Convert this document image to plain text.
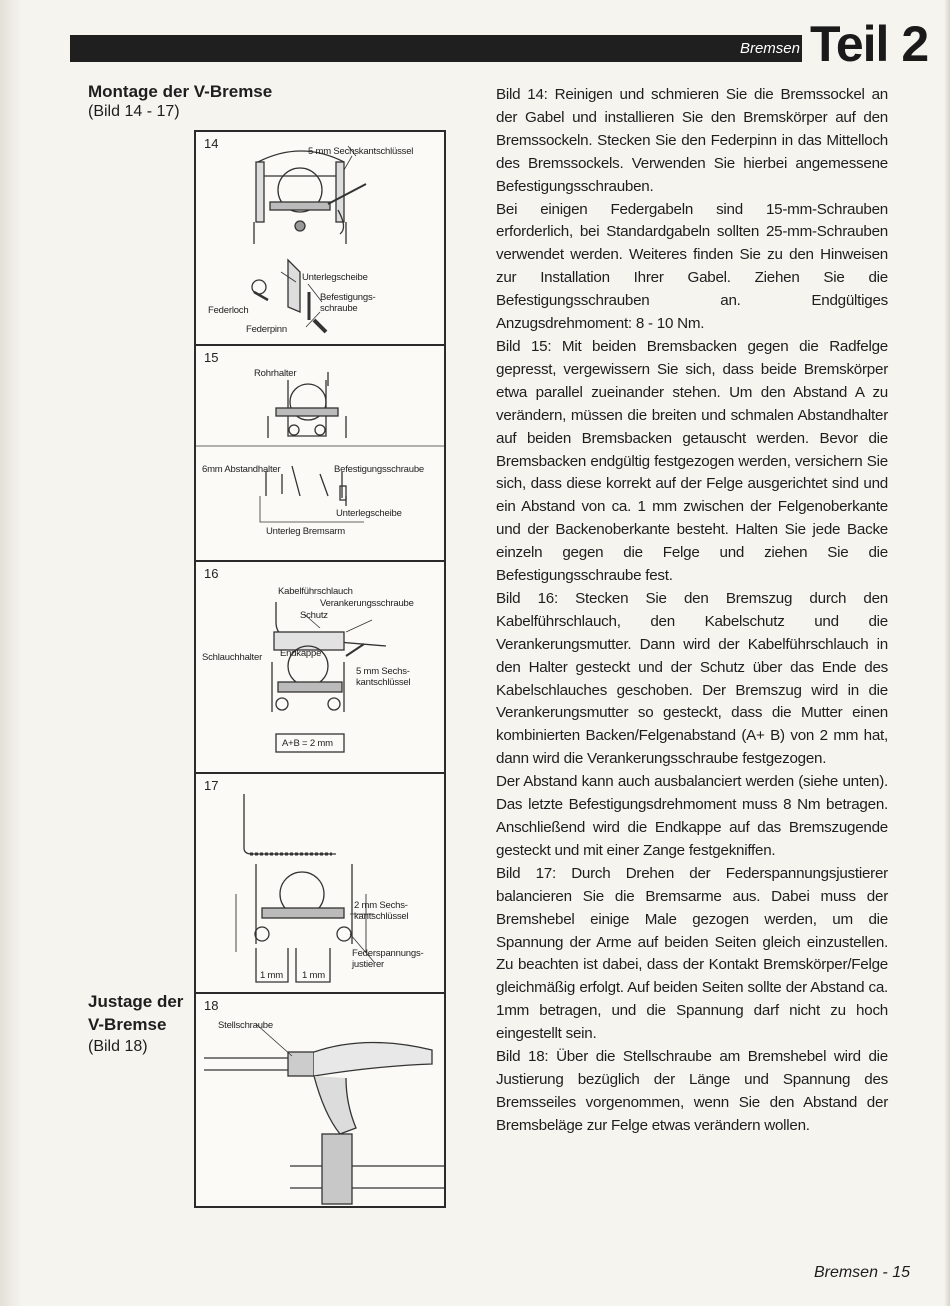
Bremsen Teil 2
Montage der V-Bremse
(Bild 14 - 17)
Justage der V-Bremse
(Bild 18)
14
5 mm Sechskantschlüssel
Unterlegscheibe
Befestigungs-
schraube
Federloch
Federpinn
15
Rohrhalter
6mm Abstandhalter	Befestigungsschraube
Unterlegscheibe
Unterleg Bremsarm
16
Kabelführschlauch
Verankerungsschraube
Schutz
Schlauchhalter Endkappe
5 mm Sechs-
kantschlüssel
A+B = 2 mm
17
2 mm Sechs-
kantschlüssel
Federspannungs-
justierer
1 mm 1 mm
18
Stellschraube

Bild 14: Reinigen und schmieren Sie die Bremssockel an der Gabel und installieren Sie den Bremskörper auf den Bremssockeln. Stecken Sie den Federpinn in das Mittelloch des Bremssockels. Verwenden Sie hierbei angemessene Befestigungsschrauben.

Bei einigen Federgabeln sind 15-mm-Schrauben erforderlich, bei Standardgabeln sollten 25-mm-Schrauben verwendet werden. Weiteres finden Sie zu den Hinweisen zur Installation Ihrer Gabel. Ziehen Sie die Befestigungsschrauben an. Endgültiges Anzugsdrehmoment: 8 - 10 Nm.

Bild 15: Mit beiden Bremsbacken gegen die Radfelge gepresst, vergewissern Sie sich, dass beide Bremskörper etwa parallel zueinander stehen. Um den Abstand A zu verändern, müssen die breiten und schmalen Abstandhalter auf beiden Bremsbacken getauscht werden. Bevor die Bremsbacken endgültig festgezogen werden, versichern Sie sich, dass diese korrekt auf der Felge ausgerichtet sind und ein Abstand von ca. 1 mm zwischen der Felgenoberkante und der Backenoberkante besteht. Halten Sie jede Backe einzeln gegen die Felge und ziehen Sie die Befestigungsschraube fest.

Bild 16: Stecken Sie den Bremszug durch den Kabelführschlauch, den Kabelschutz und die Verankerungsmutter. Dann wird der Kabelführschlauch in den Halter gesteckt und der Schutz über das Ende des Kabelschlauches geschoben. Der Bremszug wird in die Verankerungsmutter so gesteckt, dass die Mutter einen kombinierten Backen/Felgenabstand (A+ B) von 2 mm hat, dann wird die Verankerungsschraube festgezogen.

Der Abstand kann auch ausbalanciert werden (siehe unten). Das letzte Befestigungsdrehmoment muss 8 Nm betragen. Anschließend wird die Endkappe auf das Bremszugende gesteckt und mit einer Zange festgekniffen.

Bild 17: Durch Drehen der Federspannungsjustierer balancieren Sie die Bremsarme aus. Dabei muss der Bremshebel einige Male gezogen werden, um die Spannung der Arme auf beiden Seiten gleich einzustellen. Zu beachten ist dabei, dass der Kontakt Bremskörper/Felge gleichmäßig erfolgt. Auf beiden Seiten sollte der Abstand ca. 1mm betragen, und die Spannung darf nicht zu hoch eingestellt sein.

Bild 18: Über die Stellschraube am Bremshebel wird die Justierung bezüglich der Länge und Spannung des Bremsseiles vorgenommen, wenn Sie den Abstand der Bremsbeläge zur Felge etwas verändern wollen.

Bremsen - 15
